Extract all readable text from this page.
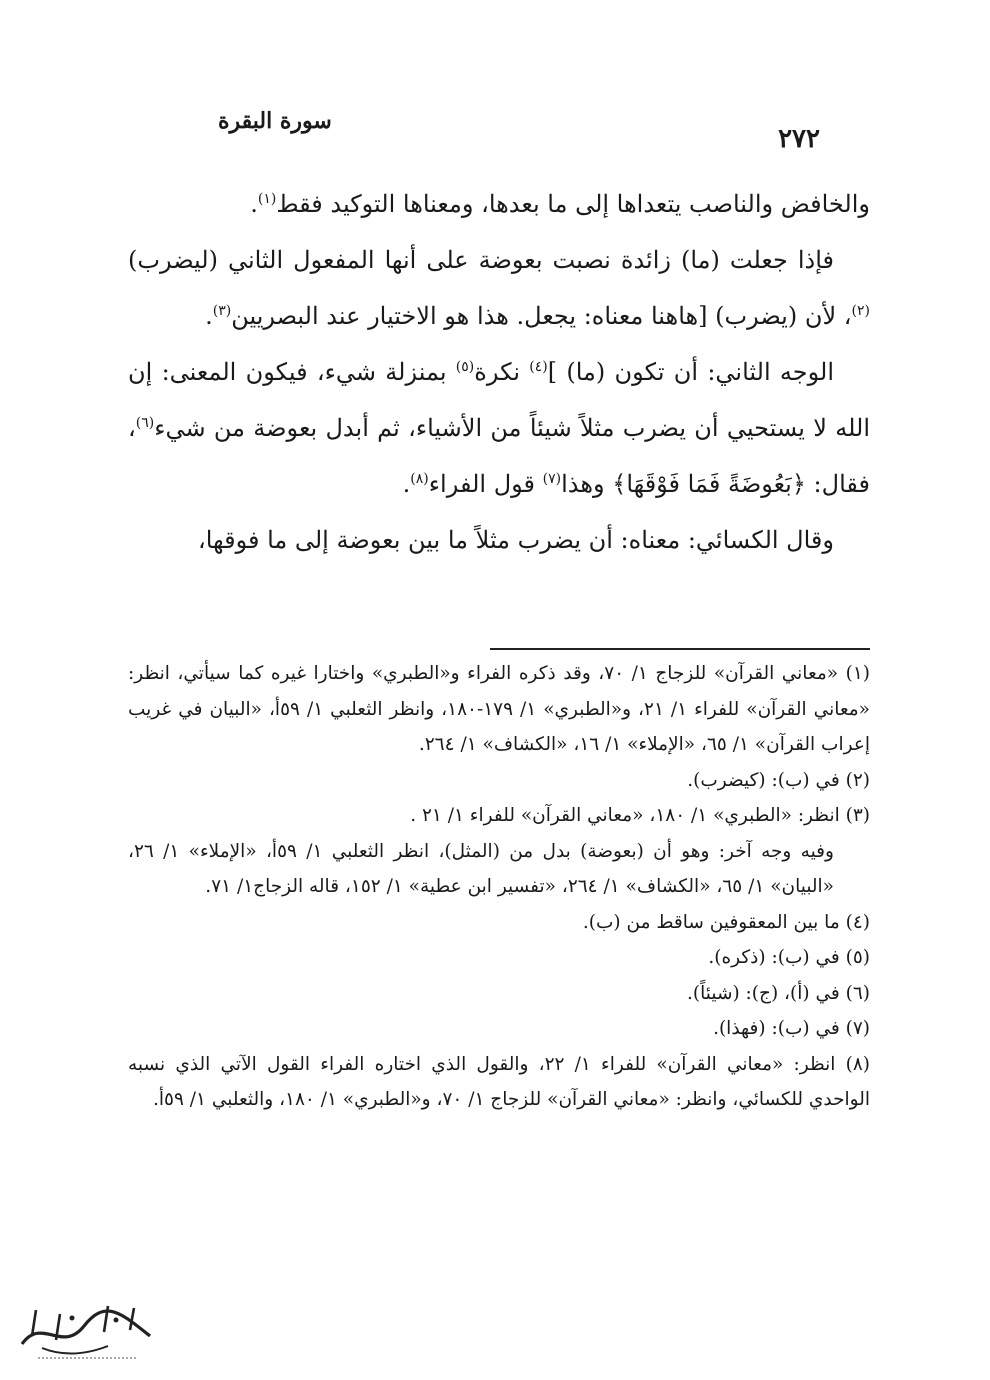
٢٧٢
سورة البقرة

والخافض والناصب يتعداها إلى ما بعدها، ومعناها التوكيد فقط$^{(١)}$.

فإذا جعلت (ما) زائدة نصبت بعوضة على أنها المفعول الثاني (ليضرب)$^{(٢)}$، لأن (يضرب) [هاهنا معناه: يجعل. هذا هو الاختيار عند البصريين$^{(٣)}$.

الوجه الثاني: أن تكون (ما) ]$^{(٤)}$ نكرة$^{(٥)}$ بمنزلة شيء، فيكون المعنى: إن الله لا يستحيي أن يضرب مثلاً شيئاً من الأشياء، ثم أبدل بعوضة من شيء$^{(٦)}$، فقال: ﴿بَعُوضَةً فَمَا فَوْقَهَا﴾ وهذا$^{(٧)}$ قول الفراء$^{(٨)}$.

وقال الكسائي: معناه: أن يضرب مثلاً ما بين بعوضة إلى ما فوقها،

(١) «معاني القرآن» للزجاج ١/ ٧٠، وقد ذكره الفراء و«الطبري» واختارا غيره كما سيأتي، انظر: «معاني القرآن» للفراء ١/ ٢١، و«الطبري» ١/ ١٧٩-١٨٠، وانظر الثعلبي ١/ ٥٩أ، «البيان في غريب إعراب القرآن» ١/ ٦٥، «الإملاء» ١/ ١٦، «الكشاف» ١/ ٢٦٤.

(٢) في (ب): (كيضرب).

(٣) انظر: «الطبري» ١/ ١٨٠، «معاني القرآن» للفراء ١/ ٢١ .

وفيه وجه آخر: وهو أن (بعوضة) بدل من (المثل)، انظر الثعلبي ١/ ٥٩أ، «الإملاء» ١/ ٢٦، «البيان» ١/ ٦٥، «الكشاف» ١/ ٢٦٤، «تفسير ابن عطية» ١/ ١٥٢، قاله الزجاج١/ ٧١.

(٤) ما بين المعقوفين ساقط من (ب).

(٥) في (ب): (ذكره).

(٦) في (أ)، (ج): (شيئاً).

(٧) في (ب): (فهذا).

(٨) انظر: «معاني القرآن» للفراء ١/ ٢٢، والقول الذي اختاره الفراء القول الآتي الذي نسبه الواحدي للكسائي، وانظر: «معاني القرآن» للزجاج ١/ ٧٠، و«الطبري» ١/ ١٨٠، والثعلبي ١/ ٥٩أ.
